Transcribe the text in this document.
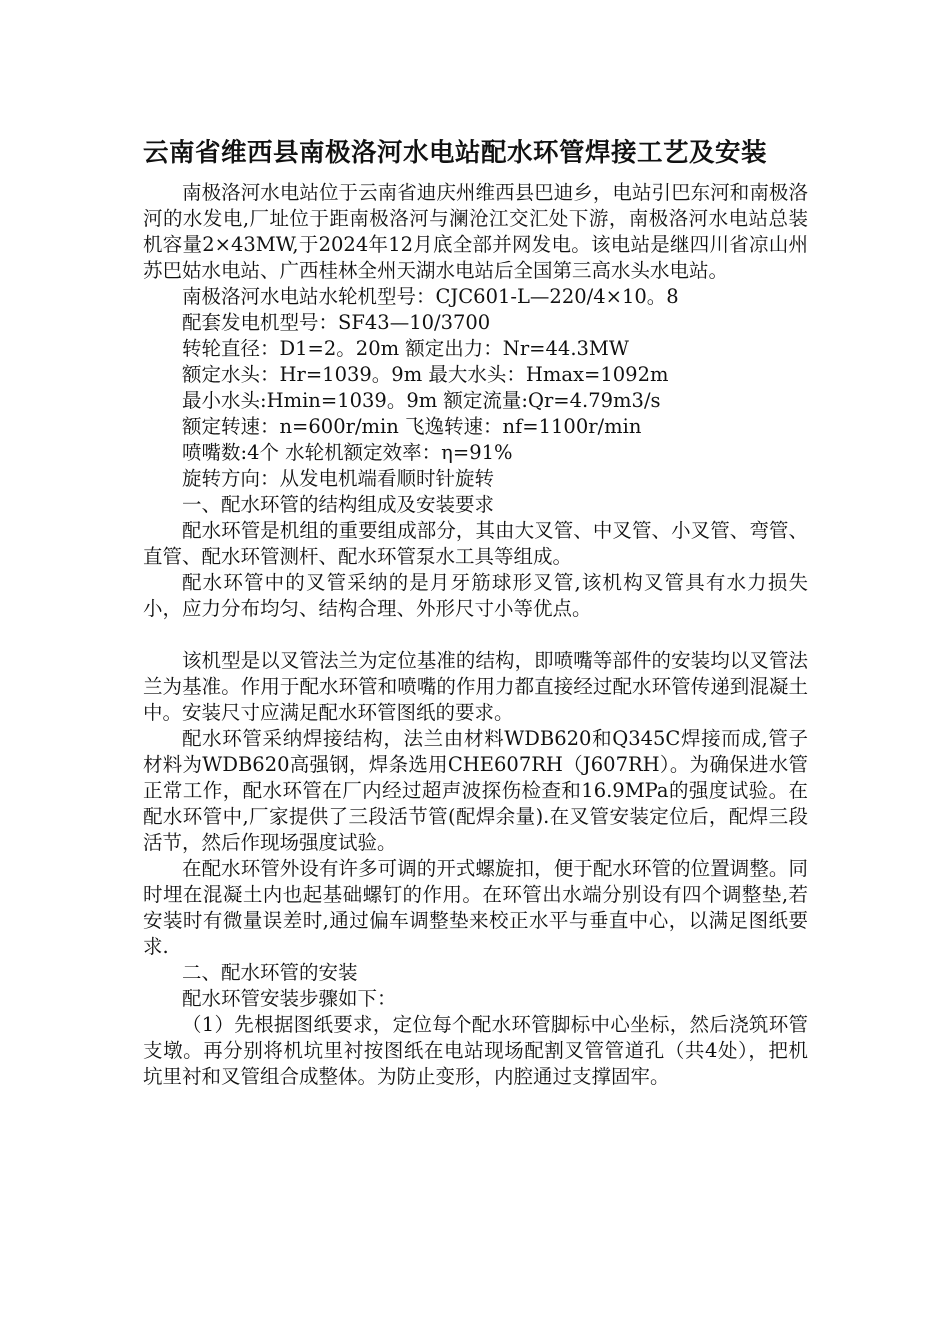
云南省维西县南极洛河水电站配水环管焊接工艺及安装

南极洛河水电站位于云南省迪庆州维西县巴迪乡，电站引巴东河和南极洛河的水发电,厂址位于距南极洛河与澜沧江交汇处下游，南极洛河水电站总装机容量2×43MW,于2024年12月底全部并网发电。该电站是继四川省凉山州苏巴姑水电站、广西桂林全州天湖水电站后全国第三高水头水电站。

南极洛河水电站水轮机型号：CJC601-L—220/4×10。8

配套发电机型号：SF43—10/3700

转轮直径：D1=2。20m 额定出力：Nr=44.3MW

额定水头：Hr=1039。9m 最大水头：Hmax=1092m

最小水头:Hmin=1039。9m 额定流量:Qr=4.79m3/s

额定转速：n=600r/min 飞逸转速：nf=1100r/min

喷嘴数:4个 水轮机额定效率：η=91%

旋转方向：从发电机端看顺时针旋转

一、配水环管的结构组成及安装要求

配水环管是机组的重要组成部分，其由大叉管、中叉管、小叉管、弯管、直管、配水环管测杆、配水环管泵水工具等组成。

配水环管中的叉管采纳的是月牙筋球形叉管,该机构叉管具有水力损失小，应力分布均匀、结构合理、外形尺寸小等优点。

该机型是以叉管法兰为定位基准的结构，即喷嘴等部件的安装均以叉管法兰为基准。作用于配水环管和喷嘴的作用力都直接经过配水环管传递到混凝土中。安装尺寸应满足配水环管图纸的要求。

配水环管采纳焊接结构，法兰由材料WDB620和Q345C焊接而成,管子材料为WDB620高强钢，焊条选用CHE607RH（J607RH）。为确保进水管正常工作，配水环管在厂内经过超声波探伤检查和16.9MPa的强度试验。在配水环管中,厂家提供了三段活节管(配焊余量).在叉管安装定位后，配焊三段活节，然后作现场强度试验。

在配水环管外设有许多可调的开式螺旋扣，便于配水环管的位置调整。同时埋在混凝土内也起基础螺钉的作用。在环管出水端分别设有四个调整垫,若安装时有微量误差时,通过偏车调整垫来校正水平与垂直中心，以满足图纸要求.

二、配水环管的安装

配水环管安装步骤如下：

（1）先根据图纸要求，定位每个配水环管脚标中心坐标，然后浇筑环管支墩。再分别将机坑里衬按图纸在电站现场配割叉管管道孔（共4处），把机坑里衬和叉管组合成整体。为防止变形，内腔通过支撑固牢。
